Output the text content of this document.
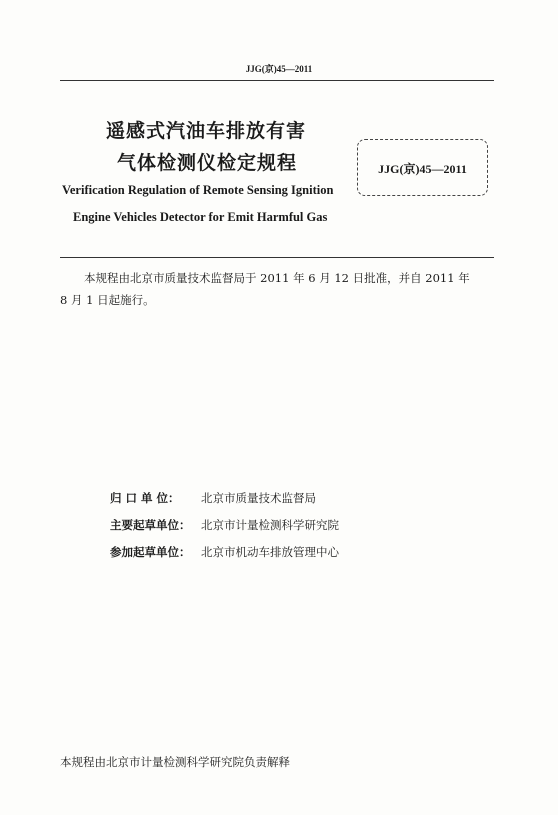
JJG(京)45—2011
遥感式汽油车排放有害
气体检测仪检定规程	JJG(京)45—2011
Verification Regulation of Remote Sensing Ignition
Engine Vehicles Detector for Emit Harmful Gas
本规程由北京市质量技术监督局于 2011 年 6 月 12 日批准，并自 2011 年
8 月 1 日起施行。
归 口 单 位： 北京市质量技术监督局
主要起草单位： 北京市计量检测科学研究院
参加起草单位： 北京市机动车排放管理中心
本规程由北京市计量检测科学研究院负责解释
